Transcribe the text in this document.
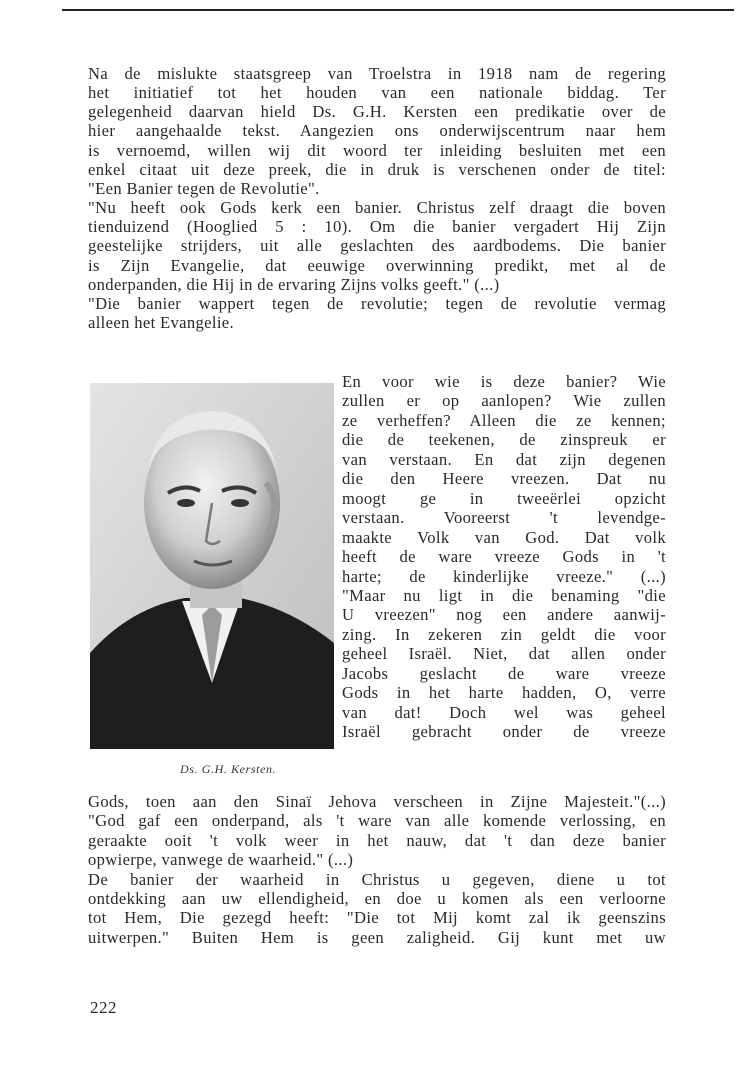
Na de mislukte staatsgreep van Troelstra in 1918 nam de regering
het initiatief tot het houden van een nationale biddag. Ter
gelegenheid daarvan hield Ds. G.H. Kersten een predikatie over de
hier aangehaalde tekst. Aangezien ons onderwijscentrum naar hem
is vernoemd, willen wij dit woord ter inleiding besluiten met een
enkel citaat uit deze preek, die in druk is verschenen onder de titel:
"Een Banier tegen de Revolutie".
"Nu heeft ook Gods kerk een banier. Christus zelf draagt die boven
tienduizend (Hooglied 5 : 10). Om die banier vergadert Hij Zijn
geestelijke strijders, uit alle geslachten des aardbodems. Die banier
is Zijn Evangelie, dat eeuwige overwinning predikt, met al de
onderpanden, die Hij in de ervaring Zijns volks geeft." (...)
"Die banier wappert tegen de revolutie; tegen de revolutie vermag
alleen het Evangelie.
En voor wie is deze banier? Wie
zullen er op aanlopen? Wie zullen
ze verheffen? Alleen die ze kennen;
die de teekenen, de zinspreuk er
van verstaan. En dat zijn degenen
die den Heere vreezen. Dat nu
moogt ge in tweeërlei opzicht
verstaan. Vooreerst 't levendge-
maakte Volk van God. Dat volk
heeft de ware vreeze Gods in 't
harte; de kinderlijke vreeze." (...)
"Maar nu ligt in die benaming "die
U vreezen" nog een andere aanwij-
zing. In zekeren zin geldt die voor
geheel Israël. Niet, dat allen onder
Jacobs geslacht de ware vreeze
Gods in het harte hadden, O, verre
van dat! Doch wel was geheel
Israël gebracht onder de vreeze
Ds. G.H. Kersten.
Gods, toen aan den Sinaï Jehova verscheen in Zijne Majesteit."(...)
"God gaf een onderpand, als 't ware van alle komende verlossing, en
geraakte ooit 't volk weer in het nauw, dat 't dan deze banier
opwierpe, vanwege de waarheid." (...)
De banier der waarheid in Christus u gegeven, diene u tot
ontdekking aan uw ellendigheid, en doe u komen als een verloorne
tot Hem, Die gezegd heeft: "Die tot Mij komt zal ik geenszins
uitwerpen." Buiten Hem is geen zaligheid. Gij kunt met uw
222
